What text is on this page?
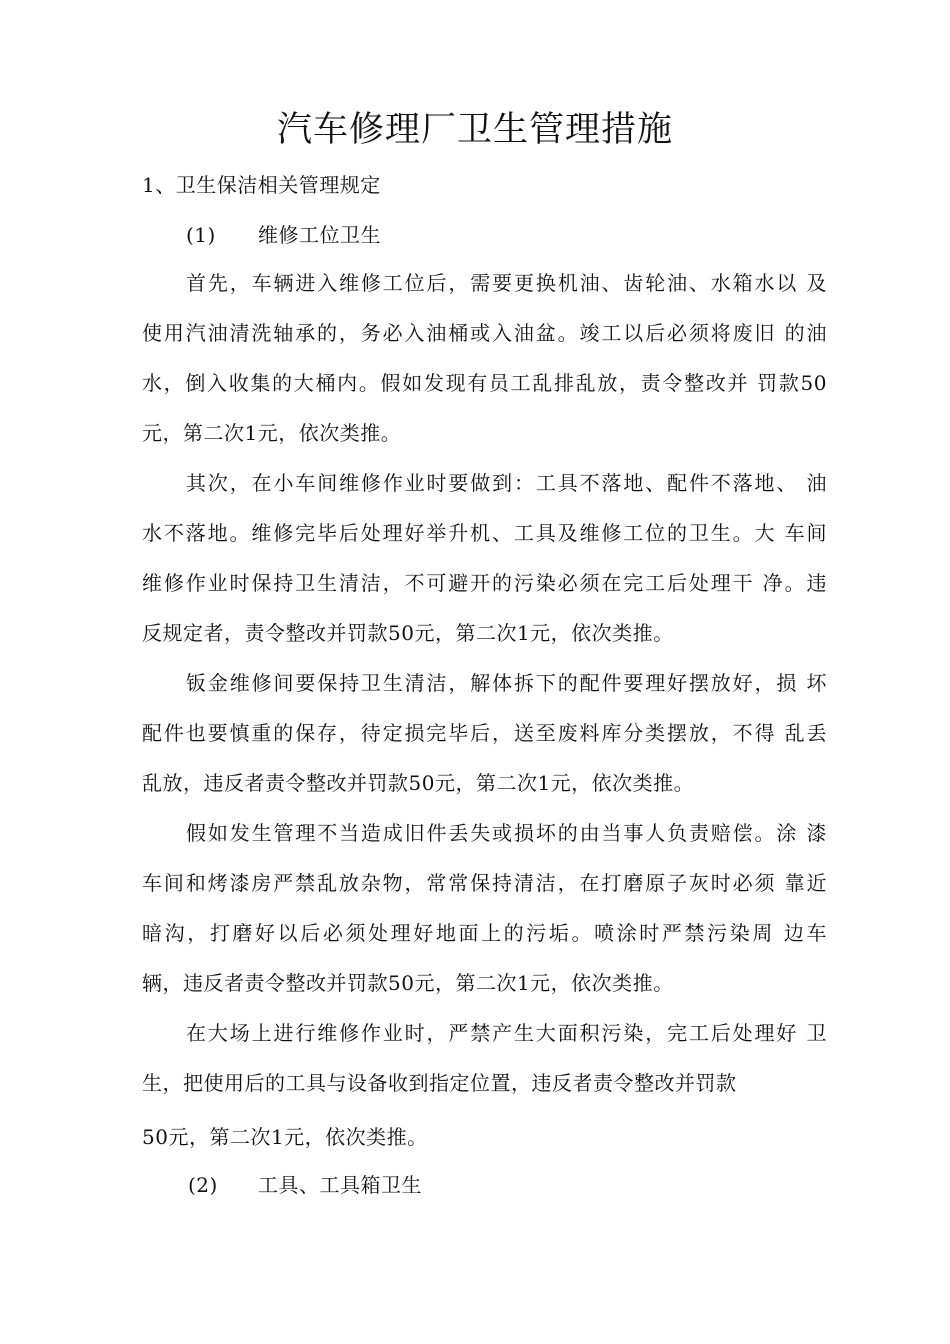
汽车修理厂卫生管理措施
1、卫生保洁相关管理规定
(1) 维修工位卫生
首先，车辆进入维修工位后，需要更换机油、齿轮油、水箱水以 及
使用汽油清洗轴承的，务必入油桶或入油盆。竣工以后必须将废旧 的油
水，倒入收集的大桶内。假如发现有员工乱排乱放，责令整改并 罚款50
元，第二次1元，依次类推。
其次，在小车间维修作业时要做到：工具不落地、配件不落地、 油
水不落地。维修完毕后处理好举升机、工具及维修工位的卫生。大 车间
维修作业时保持卫生清洁，不可避开的污染必须在完工后处理干 净。违
反规定者，责令整改并罚款50元，第二次1元，依次类推。
钣金维修间要保持卫生清洁，解体拆下的配件要理好摆放好，损 坏
配件也要慎重的保存，待定损完毕后，送至废料库分类摆放，不得 乱丢
乱放，违反者责令整改并罚款50元，第二次1元，依次类推。
假如发生管理不当造成旧件丢失或损坏的由当事人负责赔偿。涂 漆
车间和烤漆房严禁乱放杂物，常常保持清洁，在打磨原子灰时必须 靠近
暗沟，打磨好以后必须处理好地面上的污垢。喷涂时严禁污染周 边车
辆，违反者责令整改并罚款50元，第二次1元，依次类推。
在大场上进行维修作业时，严禁产生大面积污染，完工后处理好 卫
生，把使用后的工具与设备收到指定位置，违反者责令整改并罚款
50元，第二次1元，依次类推。
(2) 工具、工具箱卫生
